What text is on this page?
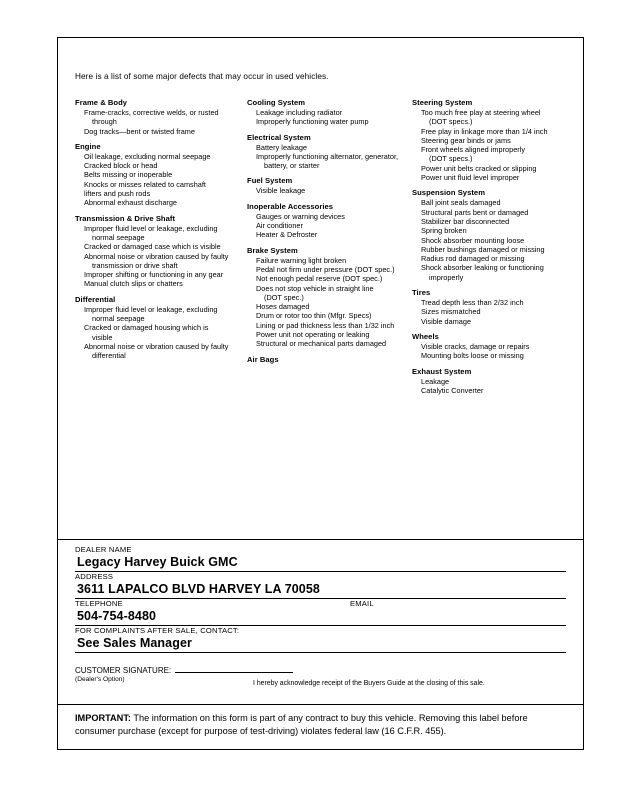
Here is a list of some major defects that may occur in used vehicles.
Frame & Body
Frame-cracks, corrective welds, or rusted
through
Dog tracks—bent or twisted frame
Engine
Oil leakage, excluding normal seepage
Cracked block or head
Belts missing or inoperable
Knocks or misses related to camshaft
lifters and push rods
Abnormal exhaust discharge
Transmission & Drive Shaft
Improper fluid level or leakage, excluding
normal seepage
Cracked or damaged case which is visible
Abnormal noise or vibration caused by faulty
transmission or drive shaft
Improper shifting or functioning in any gear
Manual clutch slips or chatters
Differential
Improper fluid level or leakage, excluding
normal seepage
Cracked or damaged housing which is
visible
Abnormal noise or vibration caused by faulty
differential
Cooling System
Leakage including radiator
Improperly functioning water pump
Electrical System
Battery leakage
Improperly functioning alternator, generator,
battery, or starter
Fuel System
Visible leakage
Inoperable Accessories
Gauges or warning devices
Air conditioner
Heater & Defroster
Brake System
Failure warning light broken
Pedal not firm under pressure (DOT spec.)
Not enough pedal reserve (DOT spec.)
Does not stop vehicle in straight line
(DOT spec.)
Hoses damaged
Drum or rotor too thin (Mfgr. Specs)
Lining or pad thickness less than 1/32 inch
Power unit not operating or leaking
Structural or mechanical parts damaged
Air Bags
Steering System
Too much free play at steering wheel
(DOT specs.)
Free play in linkage more than 1/4 inch
Steering gear binds or jams
Front wheels aligned improperly
(DOT specs.)
Power unit belts cracked or slipping
Power unit fluid level improper
Suspension System
Ball joint seals damaged
Structural parts bent or damaged
Stabilizer bar disconnected
Spring broken
Shock absorber mounting loose
Rubber bushings damaged or missing
Radius rod damaged or missing
Shock absorber leaking or functioning
improperly
Tires
Tread depth less than 2/32 inch
Sizes mismatched
Visible damage
Wheels
Visible cracks, damage or repairs
Mounting bolts loose or missing
Exhaust System
Leakage
Catalytic Converter
DEALER NAME
Legacy Harvey Buick GMC
ADDRESS
3611 LAPALCO BLVD HARVEY LA 70058
TELEPHONE
504-754-8480
EMAIL
FOR COMPLAINTS AFTER SALE, CONTACT:
See Sales Manager
CUSTOMER SIGNATURE:
(Dealer's Option)
I hereby acknowledge receipt of the Buyers Guide at the closing of this sale.
IMPORTANT: The information on this form is part of any contract to buy this vehicle. Removing this label before
consumer purchase (except for purpose of test-driving) violates federal law (16 C.F.R. 455).
